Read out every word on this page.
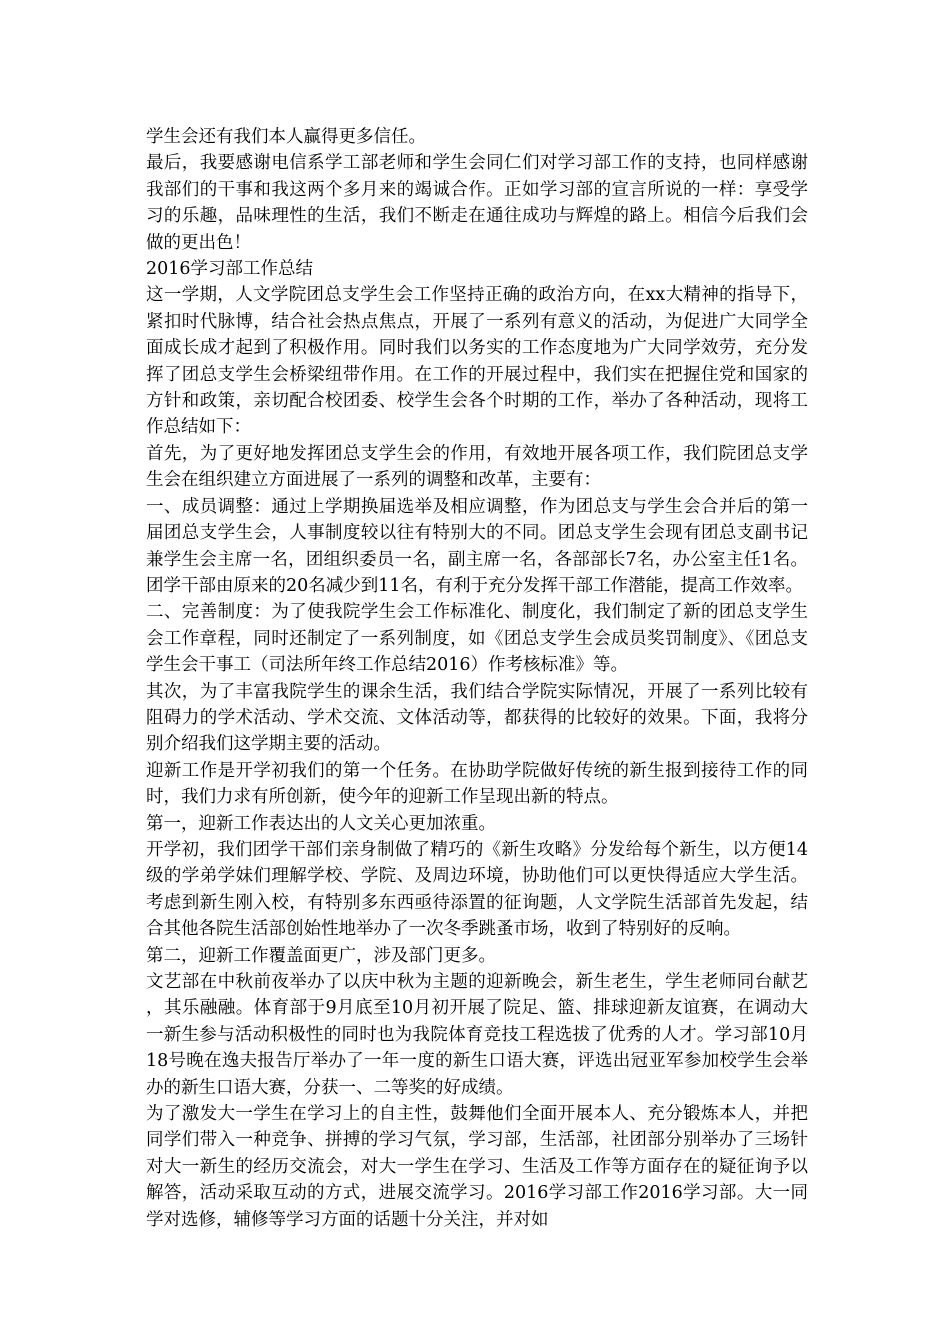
学生会还有我们本人赢得更多信任。

最后，我要感谢电信系学工部老师和学生会同仁们对学习部工作的支持，也同样感谢我部们的干事和我这两个多月来的竭诚合作。正如学习部的宣言所说的一样：享受学习的乐趣，品味理性的生活，我们不断走在通往成功与辉煌的路上。相信今后我们会做的更出色！

2016学习部工作总结

这一学期，人文学院团总支学生会工作坚持正确的政治方向，在xx大精神的指导下，紧扣时代脉博，结合社会热点焦点，开展了一系列有意义的活动，为促进广大同学全面成长成才起到了积极作用。同时我们以务实的工作态度地为广大同学效劳，充分发挥了团总支学生会桥梁纽带作用。在工作的开展过程中，我们实在把握住党和国家的方针和政策，亲切配合校团委、校学生会各个时期的工作，举办了各种活动，现将工作总结如下：

首先，为了更好地发挥团总支学生会的作用，有效地开展各项工作，我们院团总支学生会在组织建立方面进展了一系列的调整和改革，主要有：

一、成员调整：通过上学期换届选举及相应调整，作为团总支与学生会合并后的第一届团总支学生会，人事制度较以往有特别大的不同。团总支学生会现有团总支副书记兼学生会主席一名，团组织委员一名，副主席一名，各部部长7名，办公室主任1名。团学干部由原来的20名减少到11名，有利于充分发挥干部工作潜能，提高工作效率。

二、完善制度：为了使我院学生会工作标准化、制度化，我们制定了新的团总支学生会工作章程，同时还制定了一系列制度，如《团总支学生会成员奖罚制度》、《团总支学生会干事工（司法所年终工作总结2016）作考核标准》等。

其次，为了丰富我院学生的课余生活，我们结合学院实际情况，开展了一系列比较有阻碍力的学术活动、学术交流、文体活动等，都获得的比较好的效果。下面，我将分别介绍我们这学期主要的活动。

迎新工作是开学初我们的第一个任务。在协助学院做好传统的新生报到接待工作的同时，我们力求有所创新，使今年的迎新工作呈现出新的特点。

第一，迎新工作表达出的人文关心更加浓重。

开学初，我们团学干部们亲身制做了精巧的《新生攻略》分发给每个新生，以方便14级的学弟学妹们理解学校、学院、及周边环境，协助他们可以更快得适应大学生活。考虑到新生刚入校，有特别多东西亟待添置的征询题，人文学院生活部首先发起，结合其他各院生活部创始性地举办了一次冬季跳蚤市场，收到了特别好的反响。

第二，迎新工作覆盖面更广，涉及部门更多。

文艺部在中秋前夜举办了以庆中秋为主题的迎新晚会，新生老生，学生老师同台献艺，其乐融融。体育部于9月底至10月初开展了院足、篮、排球迎新友谊赛，在调动大一新生参与活动积极性的同时也为我院体育竞技工程选拔了优秀的人才。学习部10月18号晚在逸夫报告厅举办了一年一度的新生口语大赛，评选出冠亚军参加校学生会举办的新生口语大赛，分获一、二等奖的好成绩。

为了激发大一学生在学习上的自主性，鼓舞他们全面开展本人、充分锻炼本人，并把同学们带入一种竞争、拼搏的学习气氛，学习部，生活部，社团部分别举办了三场针对大一新生的经历交流会，对大一学生在学习、生活及工作等方面存在的疑征询予以解答，活动采取互动的方式，进展交流学习。2016学习部工作2016学习部。大一同学对选修，辅修等学习方面的话题十分关注，并对如
